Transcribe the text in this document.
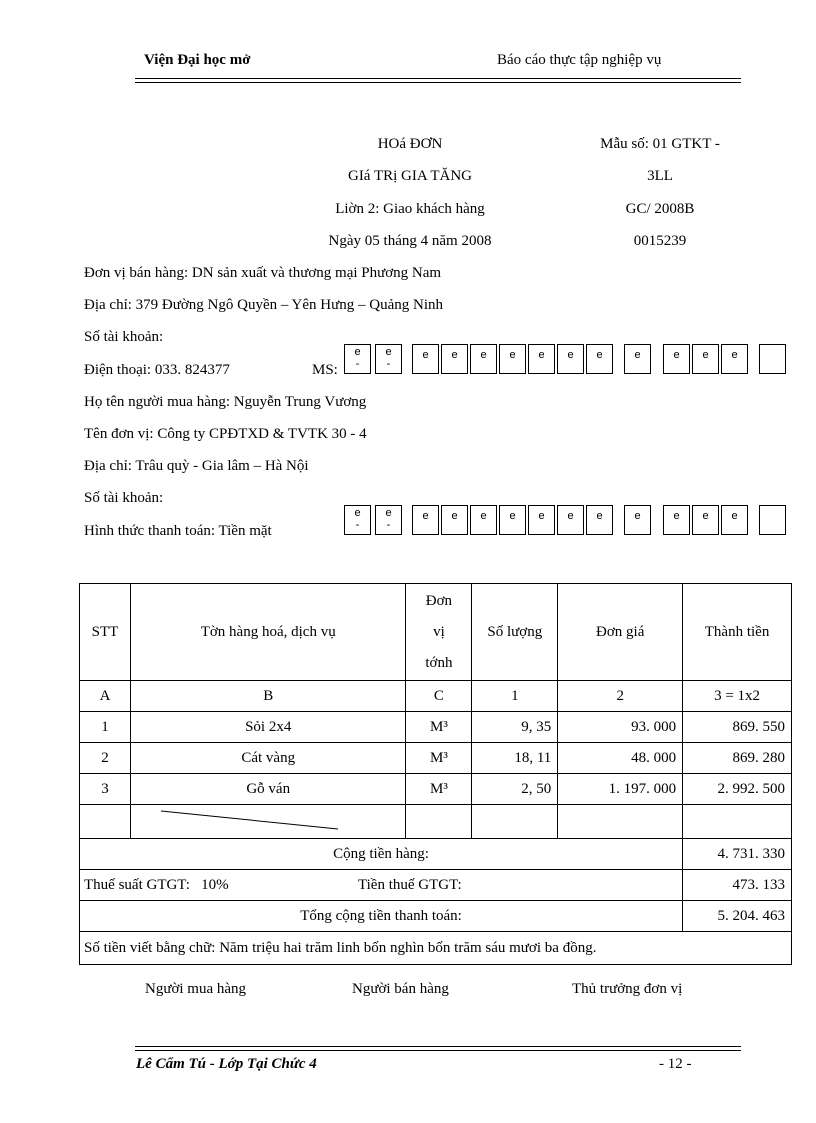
Viện Đại học mở	Báo cáo thực tập nghiệp vụ
HOá ĐƠN
GIá TRị GIA TĂNG
Liờn 2: Giao khách hàng
Ngày 05 tháng 4 năm 2008
Mẫu số: 01 GTKT -
3LL
GC/ 2008B
0015239
Đơn vị bán hàng: DN sản xuất và thương mại Phương Nam
Địa chỉ: 379 Đường Ngô Quyền – Yên Hưng – Quảng Ninh
Số tài khoản:
Điện thoại: 033. 824377	MS:
e
-
e
-
e	e	e	e	e	e	e	e	e	e	e
Họ tên người mua hàng: Nguyễn Trung Vương
Tên đơn vị: Công ty CPĐTXD & TVTK 30 - 4
Địa chỉ: Trâu quỳ - Gia lâm – Hà Nội
Số tài khoản:
Hình thức thanh toán: Tiền mặt
e
-
e
-
e	e	e	e	e	e	e	e	e	e	e
STT	Tờn hàng hoá, dịch vụ	Đơn
vị
tớnh	Số lượng	Đơn giá	Thành tiền
A	B	C	1	2	3 = 1x2
1	Sỏi 2x4	M³	9, 35	93. 000	869. 550
2	Cát vàng	M³	18, 11	48. 000	869. 280
3	Gỗ ván	M³	2, 50	1. 197. 000	2. 992. 500

Cộng tiền hàng:					4. 731. 330
Thuế suất GTGT:   10% Tiền thuế GTGT:					473. 133
Tổng cộng tiền thanh toán:					5. 204. 463
Số tiền viết bằng chữ: Năm triệu hai trăm linh bốn nghìn bốn trăm sáu mươi ba đồng.					
Người mua hàng	Người bán hàng	Thủ trưởng đơn vị
Lê Cẩm Tú - Lớp Tại Chức 4	- 12 -
